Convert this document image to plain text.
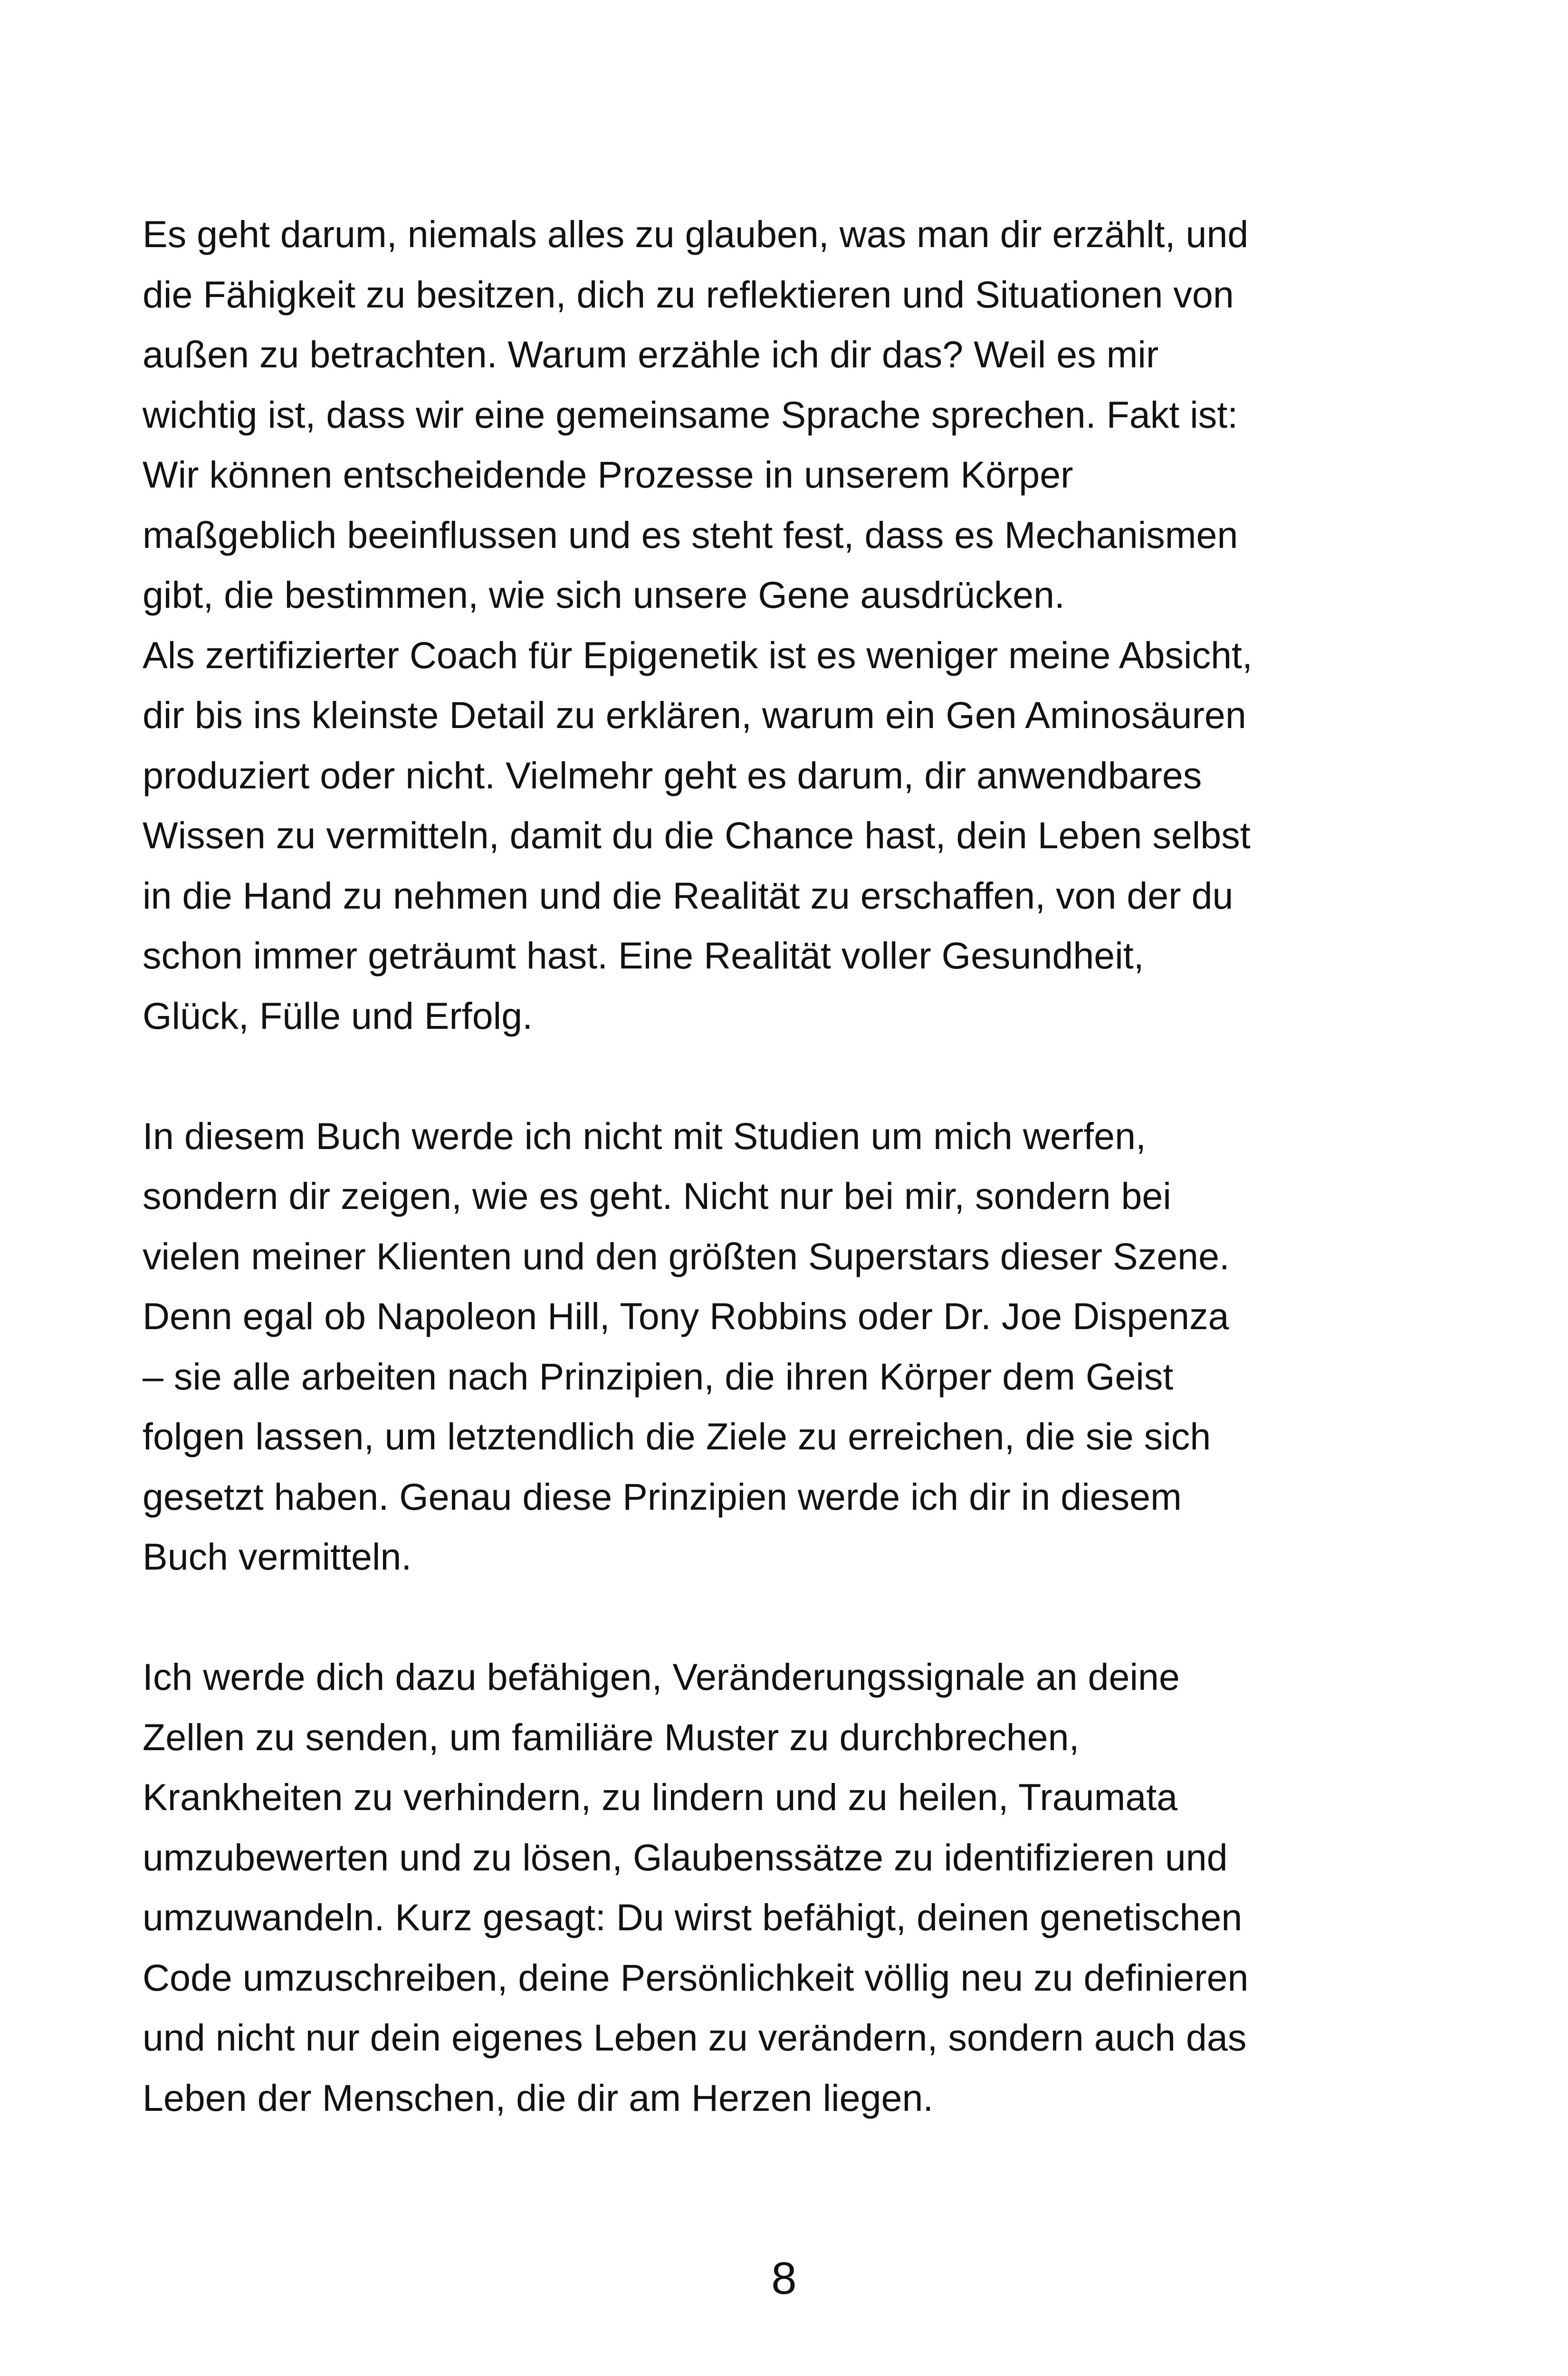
Es geht darum, niemals alles zu glauben, was man dir erzählt, und
die Fähigkeit zu besitzen, dich zu reflektieren und Situationen von
außen zu betrachten. Warum erzähle ich dir das? Weil es mir
wichtig ist, dass wir eine gemeinsame Sprache sprechen. Fakt ist:
Wir können entscheidende Prozesse in unserem Körper
maßgeblich beeinflussen und es steht fest, dass es Mechanismen
gibt, die bestimmen, wie sich unsere Gene ausdrücken.
Als zertifizierter Coach für Epigenetik ist es weniger meine Absicht,
dir bis ins kleinste Detail zu erklären, warum ein Gen Aminosäuren
produziert oder nicht. Vielmehr geht es darum, dir anwendbares
Wissen zu vermitteln, damit du die Chance hast, dein Leben selbst
in die Hand zu nehmen und die Realität zu erschaffen, von der du
schon immer geträumt hast. Eine Realität voller Gesundheit,
Glück, Fülle und Erfolg.
In diesem Buch werde ich nicht mit Studien um mich werfen,
sondern dir zeigen, wie es geht. Nicht nur bei mir, sondern bei
vielen meiner Klienten und den größten Superstars dieser Szene.
Denn egal ob Napoleon Hill, Tony Robbins oder Dr. Joe Dispenza
– sie alle arbeiten nach Prinzipien, die ihren Körper dem Geist
folgen lassen, um letztendlich die Ziele zu erreichen, die sie sich
gesetzt haben. Genau diese Prinzipien werde ich dir in diesem
Buch vermitteln.
Ich werde dich dazu befähigen, Veränderungssignale an deine
Zellen zu senden, um familiäre Muster zu durchbrechen,
Krankheiten zu verhindern, zu lindern und zu heilen, Traumata
umzubewerten und zu lösen, Glaubenssätze zu identifizieren und
umzuwandeln. Kurz gesagt: Du wirst befähigt, deinen genetischen
Code umzuschreiben, deine Persönlichkeit völlig neu zu definieren
und nicht nur dein eigenes Leben zu verändern, sondern auch das
Leben der Menschen, die dir am Herzen liegen.
8
